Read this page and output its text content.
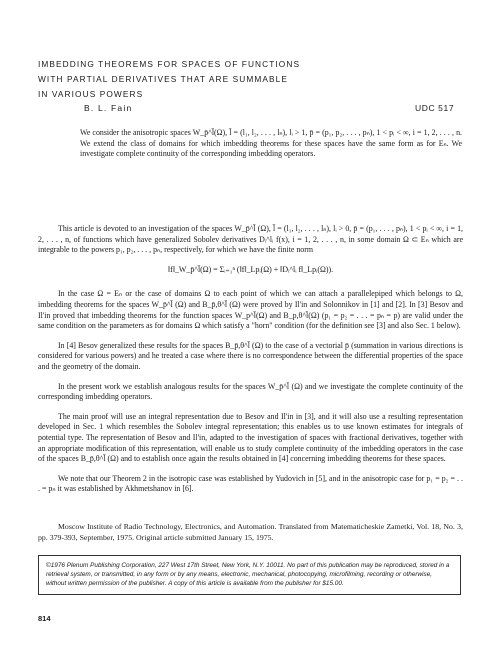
IMBEDDING THEOREMS FOR SPACES OF FUNCTIONS
WITH PARTIAL DERIVATIVES THAT ARE SUMMABLE
IN VARIOUS POWERS
B. L. Fain	UDC 517
We consider the anisotropic spaces W_p̄^l̄(Ω), l̄ = (l₁, l₂, . . . , lₙ), lᵢ > 1, p̄ = (p₁, p₂, . . . , pₙ), 1 < pᵢ < ∞, i = 1, 2, . . . , n. We extend the class of domains for which imbedding theorems for these spaces have the same form as for Eₙ. We investigate complete continuity of the corresponding imbedding operators.

This article is devoted to an investigation of the spaces W_p̄^l̄ (Ω), l̄ = (l₁, l₂, . . . , lₙ), lᵢ > 0, p̄ = (p₁, . . . , pₙ), 1 < pᵢ < ∞, i = 1, 2, . . . , n, of functions which have generalized Sobolev derivatives Dᵢ^lᵢ f(x), i = 1, 2, . . . , n, in some domain Ω ⊂ Eₙ which are integrable to the powers p₁, p₂, . . . , pₙ, respectively, for which we have the finite norm

‖f‖_W_p̄^l̄(Ω) = Σᵢ₌₁ⁿ (‖f‖_Lpᵢ(Ω) + ‖Dᵢ^lᵢ f‖_Lpᵢ(Ω)).

In the case Ω = Eₙ or the case of domains Ω to each point of which we can attach a parallelepiped which belongs to Ω, imbedding theorems for the spaces W_p̄^l̄ (Ω) and B_p̄,θ^l̄ (Ω) were proved by Il'in and Solonnikov in [1] and [2]. In [3] Besov and Il'in proved that imbedding theorems for the function spaces W_p^l̄(Ω) and B_p,θ^l̄(Ω) (p₁ = p₂ = . . . = pₙ = p) are valid under the same condition on the parameters as for domains Ω which satisfy a "horn" condition (for the definition see [3] and also Sec. 1 below).

In [4] Besov generalized these results for the spaces B_p̄,θ^l̄ (Ω) to the case of a vectorial p̄ (summation in various directions is considered for various powers) and he treated a case where there is no correspondence between the differential properties of the space and the geometry of the domain.

In the present work we establish analogous results for the spaces W_p̄^l̄ (Ω) and we investigate the complete continuity of the corresponding imbedding operators.

The main proof will use an integral representation due to Besov and Il'in in [3], and it will also use a resulting representation developed in Sec. 1 which resembles the Sobolev integral representation; this enables us to use known estimates for integrals of potential type. The representation of Besov and Il'in, adapted to the investigation of spaces with fractional derivatives, together with an appropriate modification of this representation, will enable us to study complete continuity of the imbedding operators in the case of the spaces B_p̄,θ^l̄ (Ω) and to establish once again the results obtained in [4] concerning imbedding theorems for these spaces.

We note that our Theorem 2 in the isotropic case was established by Yudovich in [5], and in the anisotropic case for p₁ = p₂ = . . . = pₙ it was established by Akhmetshanov in [6].

Moscow Institute of Radio Technology, Electronics, and Automation. Translated from Matematicheskie Zametki, Vol. 18, No. 3, pp. 379-393, September, 1975. Original article submitted January 15, 1975.
©1976 Plenum Publishing Corporation, 227 West 17th Street, New York, N.Y. 10011. No part of this publication may be reproduced, stored in a retrieval system, or transmitted, in any form or by any means, electronic, mechanical, photocopying, microfilming, recording or otherwise, without written permission of the publisher. A copy of this article is available from the publisher for $15.00.
814
